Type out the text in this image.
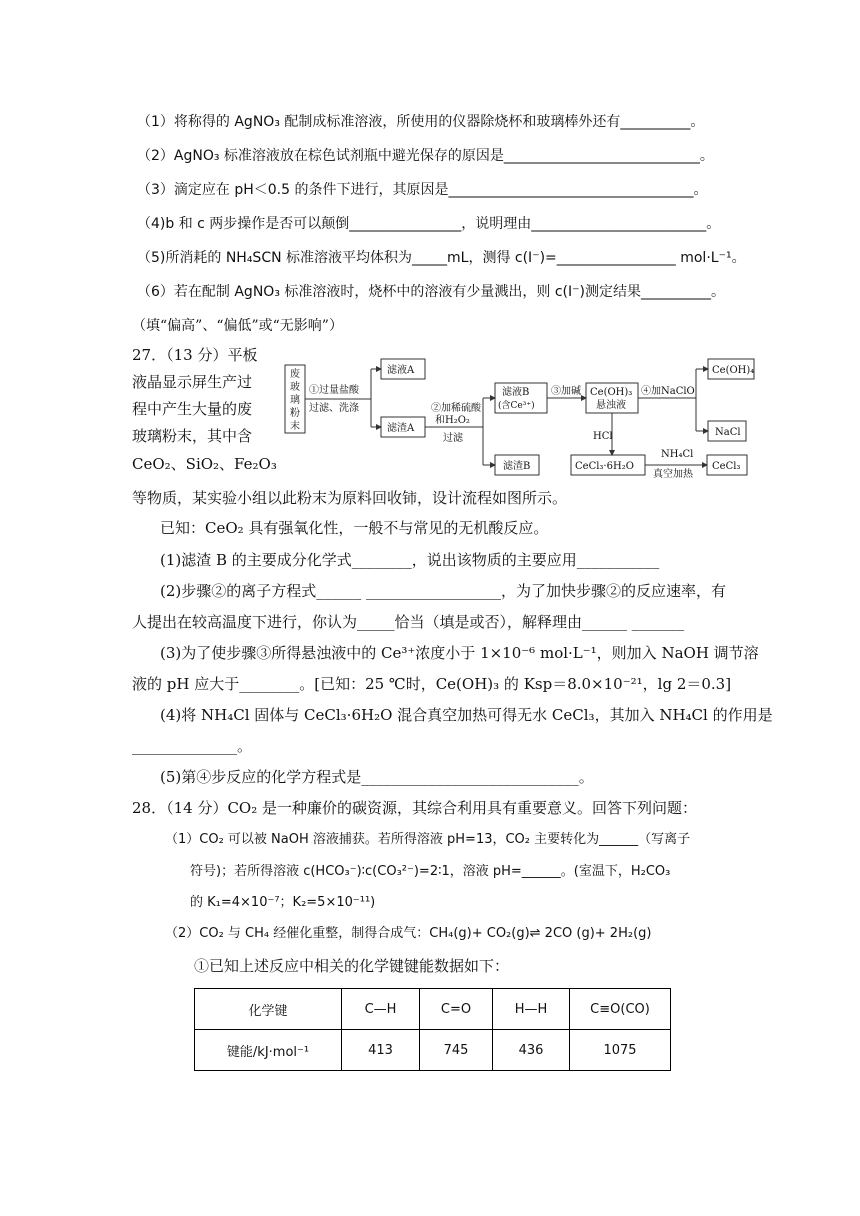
（1）将称得的 AgNO₃ 配制成标准溶液，所使用的仪器除烧杯和玻璃棒外还有__________。
（2）AgNO₃ 标准溶液放在棕色试剂瓶中避光保存的原因是____________________________。
（3）滴定应在 pH＜0.5 的条件下进行，其原因是___________________________________。
（4)b 和 c 两步操作是否可以颠倒________________，说明理由_________________________。
（5)所消耗的 NH₄SCN 标准溶液平均体积为_____mL，测得 c(I⁻)=_________________ mol·L⁻¹。
（6）若在配制 AgNO₃ 标准溶液时，烧杯中的溶液有少量溅出，则 c(I⁻)测定结果__________。
（填“偏高”、“偏低”或“无影响”）
27．（13 分）平板
液晶显示屏生产过
程中产生大量的废
玻璃粉末，其中含
CeO₂、SiO₂、Fe₂O₃
等物质，某实验小组以此粉末为原料回收铈，设计流程如图所示。
废
玻
璃
粉
末
①过量盐酸
过滤、洗涤
滤液A
滤渣A
②加稀硫酸
和H₂O₂
过滤
滤液B
(含Ce³⁺)
滤渣B
③加碱 Ce(OH)₃
悬浊液
④加NaClO
Ce(OH)₄
NaCl
HCl
CeCl₃·6H₂O
NH₄Cl
真空加热
CeCl₃
已知：CeO₂ 具有强氧化性，一般不与常见的无机酸反应。
(1)滤渣 B 的主要成分化学式________，说出该物质的主要应用___________
(2)步骤②的离子方程式______ __________________，为了加快步骤②的反应速率，有
人提出在较高温度下进行，你认为_____恰当（填是或否），解释理由______ _______
(3)为了使步骤③所得悬浊液中的 Ce³⁺浓度小于 1×10⁻⁶ mol·L⁻¹，则加入 NaOH 调节溶
液的 pH 应大于________。[已知：25 ℃时，Ce(OH)₃ 的 Ksp＝8.0×10⁻²¹，lg 2＝0.3]
(4)将 NH₄Cl 固体与 CeCl₃·6H₂O 混合真空加热可得无水 CeCl₃，其加入 NH₄Cl 的作用是
______________。
(5)第④步反应的化学方程式是_____________________________。
28．（14 分）CO₂ 是一种廉价的碳资源，其综合利用具有重要意义。回答下列问题：
（1）CO₂ 可以被 NaOH 溶液捕获。若所得溶液 pH=13，CO₂ 主要转化为______（写离子
符号)；若所得溶液 c(HCO₃⁻)∶c(CO₃²⁻)=2∶1，溶液 pH=______。(室温下，H₂CO₃
的 K₁=4×10⁻⁷；K₂=5×10⁻¹¹)
（2）CO₂ 与 CH₄ 经催化重整，制得合成气：CH₄(g)+ CO₂(g)⇌ 2CO (g)+ 2H₂(g)
①已知上述反应中相关的化学键键能数据如下：
化学键	C—H	C=O	H—H	C≡O(CO)
键能/kJ·mol⁻¹	413	745	436	1075
